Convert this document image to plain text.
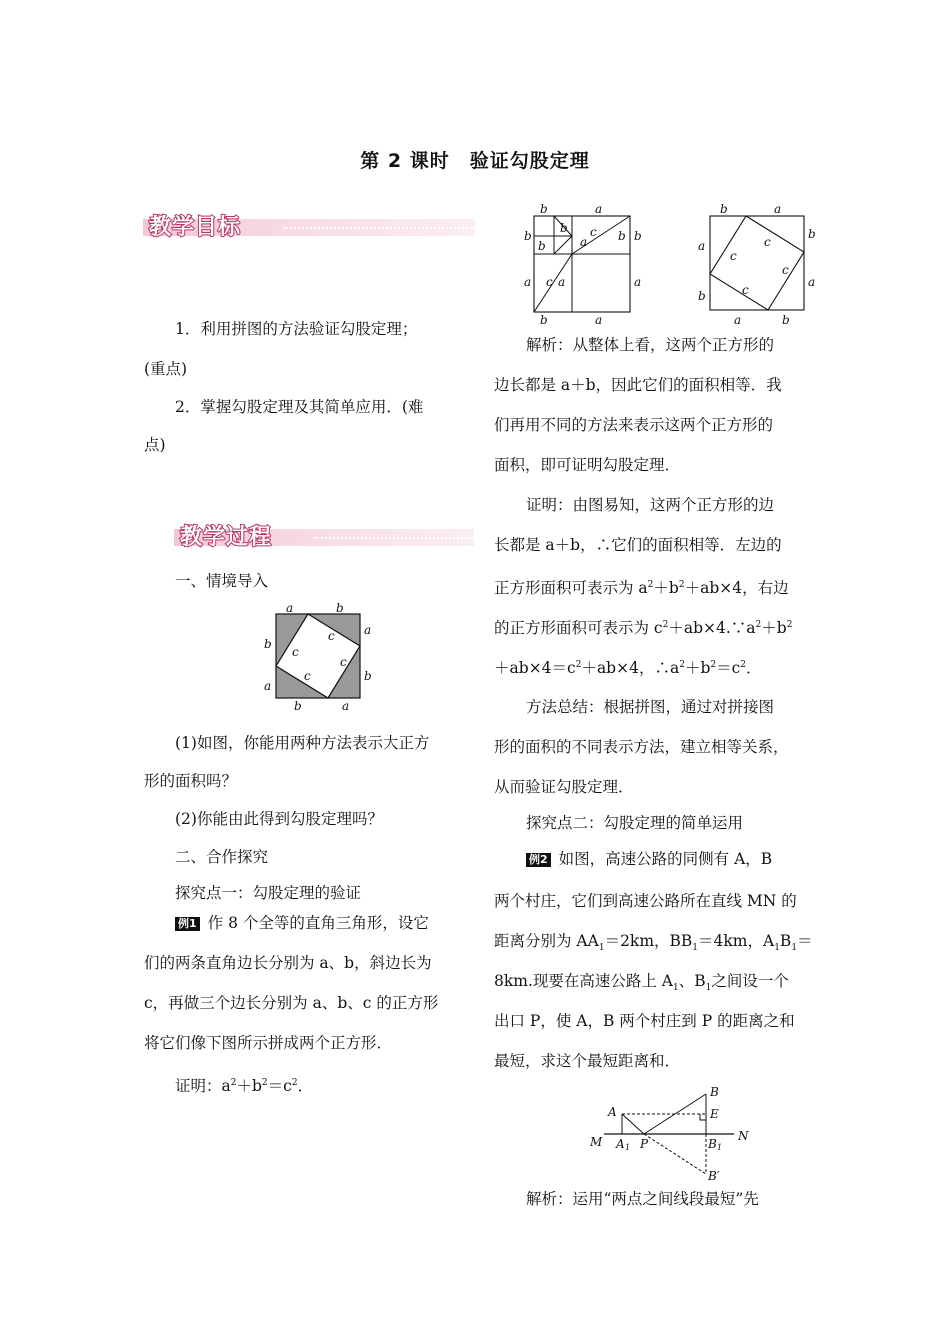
第 2 课时　验证勾股定理
教学目标
1．利用拼图的方法验证勾股定理；
(重点)
2．掌握勾股定理及其简单应用．(难
点)
教学过程
一、情境导入
a	b
a
b
b
a
b	a
c
c
c
c
(1)如图，你能用两种方法表示大正方
形的面积吗？
(2)你能由此得到勾股定理吗？
二、合作探究
探究点一：勾股定理的验证
例1 作 8 个全等的直角三角形，设它
们的两条直角边长分别为 a、b，斜边长为
c，再做三个边长分别为 a、b、c 的正方形
将它们像下图所示拼成两个正方形．
证明：$a^2+b^2=c^2$．
b	a
b
a
b
a
b	a
b
b
a
c
c a
b
b	a
b
a
a
b
a	b
c
c
c
c
解析：从整体上看，这两个正方形的
边长都是 a＋b，因此它们的面积相等．我
们再用不同的方法来表示这两个正方形的
面积，即可证明勾股定理．
证明：由图易知，这两个正方形的边
长都是 a＋b，∴它们的面积相等．左边的
正方形面积可表示为 $a^2+b^2+ab\times 4$，右边
的正方形面积可表示为 $c^2+ab\times 4.\because a^2+b^2$
$+ab\times 4=c^2+ab\times 4$，$\therefore a^2+b^2=c^2$．
方法总结：根据拼图，通过对拼接图
形的面积的不同表示方法，建立相等关系，
从而验证勾股定理．
探究点二：勾股定理的简单运用
例2 如图，高速公路的同侧有 A，B
两个村庄，它们到高速公路所在直线 MN 的
距离分别为 $AA_1=2km$，$BB_1=4km$，$A_1B_1=$
8km.现要在高速公路上 $A_1$、$B_1$之间设一个
出口 P，使 A，B 两个村庄到 P 的距离之和
最短，求这个最短距离和．
A
B
E
M	N
A 1 P	B 1
B′
解析：运用“两点之间线段最短”先
